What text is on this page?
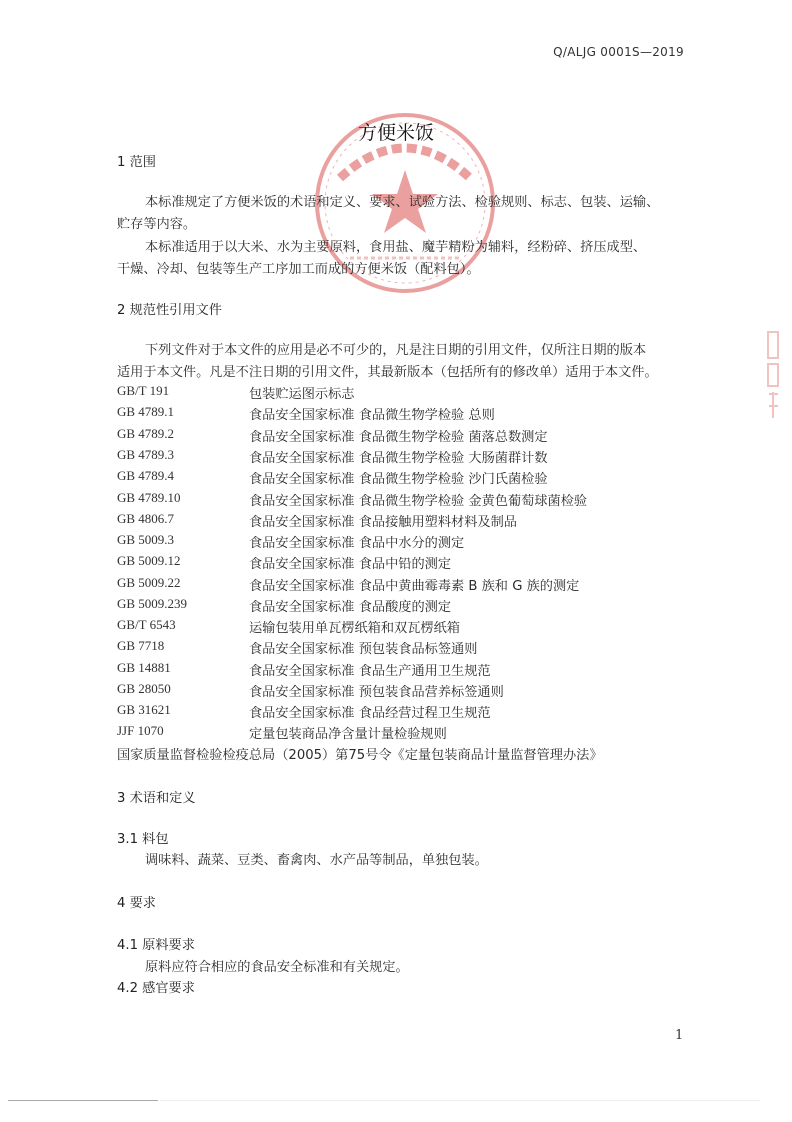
Q/ALJG 0001S—2019
方便米饭
1 范围
本标准规定了方便米饭的术语和定义、要求、试验方法、检验规则、标志、包装、运输、
贮存等内容。
本标准适用于以大米、水为主要原料，食用盐、魔芋精粉为辅料，经粉碎、挤压成型、
干燥、冷却、包装等生产工序加工而成的方便米饭（配料包）。
2 规范性引用文件
下列文件对于本文件的应用是必不可少的，凡是注日期的引用文件，仅所注日期的版本
适用于本文件。凡是不注日期的引用文件，其最新版本（包括所有的修改单）适用于本文件。
GB/T 191	包装贮运图示标志
GB 4789.1	食品安全国家标准 食品微生物学检验 总则
GB 4789.2	食品安全国家标准 食品微生物学检验 菌落总数测定
GB 4789.3	食品安全国家标准 食品微生物学检验 大肠菌群计数
GB 4789.4	食品安全国家标准 食品微生物学检验 沙门氏菌检验
GB 4789.10	食品安全国家标准 食品微生物学检验 金黄色葡萄球菌检验
GB 4806.7	食品安全国家标准 食品接触用塑料材料及制品
GB 5009.3	食品安全国家标准 食品中水分的测定
GB 5009.12	食品安全国家标准 食品中铅的测定
GB 5009.22	食品安全国家标准 食品中黄曲霉毒素 B 族和 G 族的测定
GB 5009.239	食品安全国家标准 食品酸度的测定
GB/T 6543	运输包装用单瓦楞纸箱和双瓦楞纸箱
GB 7718	食品安全国家标准 预包装食品标签通则
GB 14881	食品安全国家标准 食品生产通用卫生规范
GB 28050	食品安全国家标准 预包装食品营养标签通则
GB 31621	食品安全国家标准 食品经营过程卫生规范
JJF 1070	定量包装商品净含量计量检验规则
国家质量监督检验检疫总局（2005）第75号令《定量包装商品计量监督管理办法》
3 术语和定义
3.1 料包
调味料、蔬菜、豆类、畜禽肉、水产品等制品，单独包装。
4 要求
4.1 原料要求
原料应符合相应的食品安全标准和有关规定。
4.2 感官要求
1
